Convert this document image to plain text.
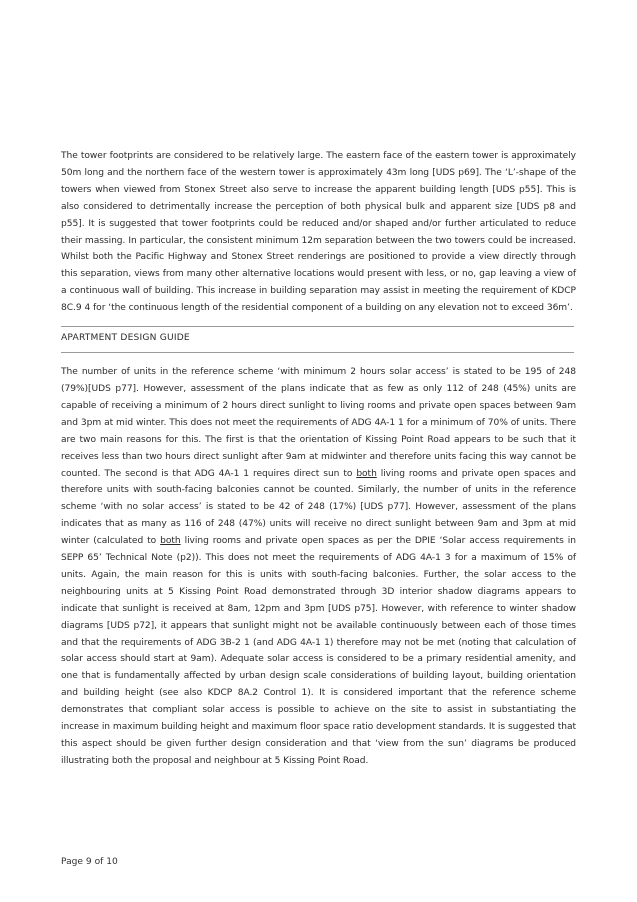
The tower footprints are considered to be relatively large. The eastern face of the eastern tower is approximately 50m long and the northern face of the western tower is approximately 43m long [UDS p69]. The ‘L’-shape of the towers when viewed from Stonex Street also serve to increase the apparent building length [UDS p55]. This is also considered to detrimentally increase the perception of both physical bulk and apparent size [UDS p8 and p55]. It is suggested that tower footprints could be reduced and/or shaped and/or further articulated to reduce their massing. In particular, the consistent minimum 12m separation between the two towers could be increased. Whilst both the Pacific Highway and Stonex Street renderings are positioned to provide a view directly through this separation, views from many other alternative locations would present with less, or no, gap leaving a view of a continuous wall of building. This increase in building separation may assist in meeting the requirement of KDCP 8C.9 4 for ‘the continuous length of the residential component of a building on any elevation not to exceed 36m’.

APARTMENT DESIGN GUIDE

The number of units in the reference scheme ‘with minimum 2 hours solar access’ is stated to be 195 of 248 (79%)[UDS p77]. However, assessment of the plans indicate that as few as only 112 of 248 (45%) units are capable of receiving a minimum of 2 hours direct sunlight to living rooms and private open spaces between 9am and 3pm at mid winter. This does not meet the requirements of ADG 4A-1 1 for a minimum of 70% of units. There are two main reasons for this. The first is that the orientation of Kissing Point Road appears to be such that it receives less than two hours direct sunlight after 9am at midwinter and therefore units facing this way cannot be counted. The second is that ADG 4A-1 1 requires direct sun to both living rooms and private open spaces and therefore units with south-facing balconies cannot be counted. Similarly, the number of units in the reference scheme ‘with no solar access’ is stated to be 42 of 248 (17%) [UDS p77]. However, assessment of the plans indicates that as many as 116 of 248 (47%) units will receive no direct sunlight between 9am and 3pm at mid winter (calculated to both living rooms and private open spaces as per the DPIE ‘Solar access requirements in SEPP 65’ Technical Note (p2)). This does not meet the requirements of ADG 4A-1 3 for a maximum of 15% of units. Again, the main reason for this is units with south-facing balconies. Further, the solar access to the neighbouring units at 5 Kissing Point Road demonstrated through 3D interior shadow diagrams appears to indicate that sunlight is received at 8am, 12pm and 3pm [UDS p75]. However, with reference to winter shadow diagrams [UDS p72], it appears that sunlight might not be available continuously between each of those times and that the requirements of ADG 3B-2 1 (and ADG 4A-1 1) therefore may not be met (noting that calculation of solar access should start at 9am). Adequate solar access is considered to be a primary residential amenity, and one that is fundamentally affected by urban design scale considerations of building layout, building orientation and building height (see also KDCP 8A.2 Control 1). It is considered important that the reference scheme demonstrates that compliant solar access is possible to achieve on the site to assist in substantiating the increase in maximum building height and maximum floor space ratio development standards. It is suggested that this aspect should be given further design consideration and that ‘view from the sun’ diagrams be produced illustrating both the proposal and neighbour at 5 Kissing Point Road.

Page 9 of 10
